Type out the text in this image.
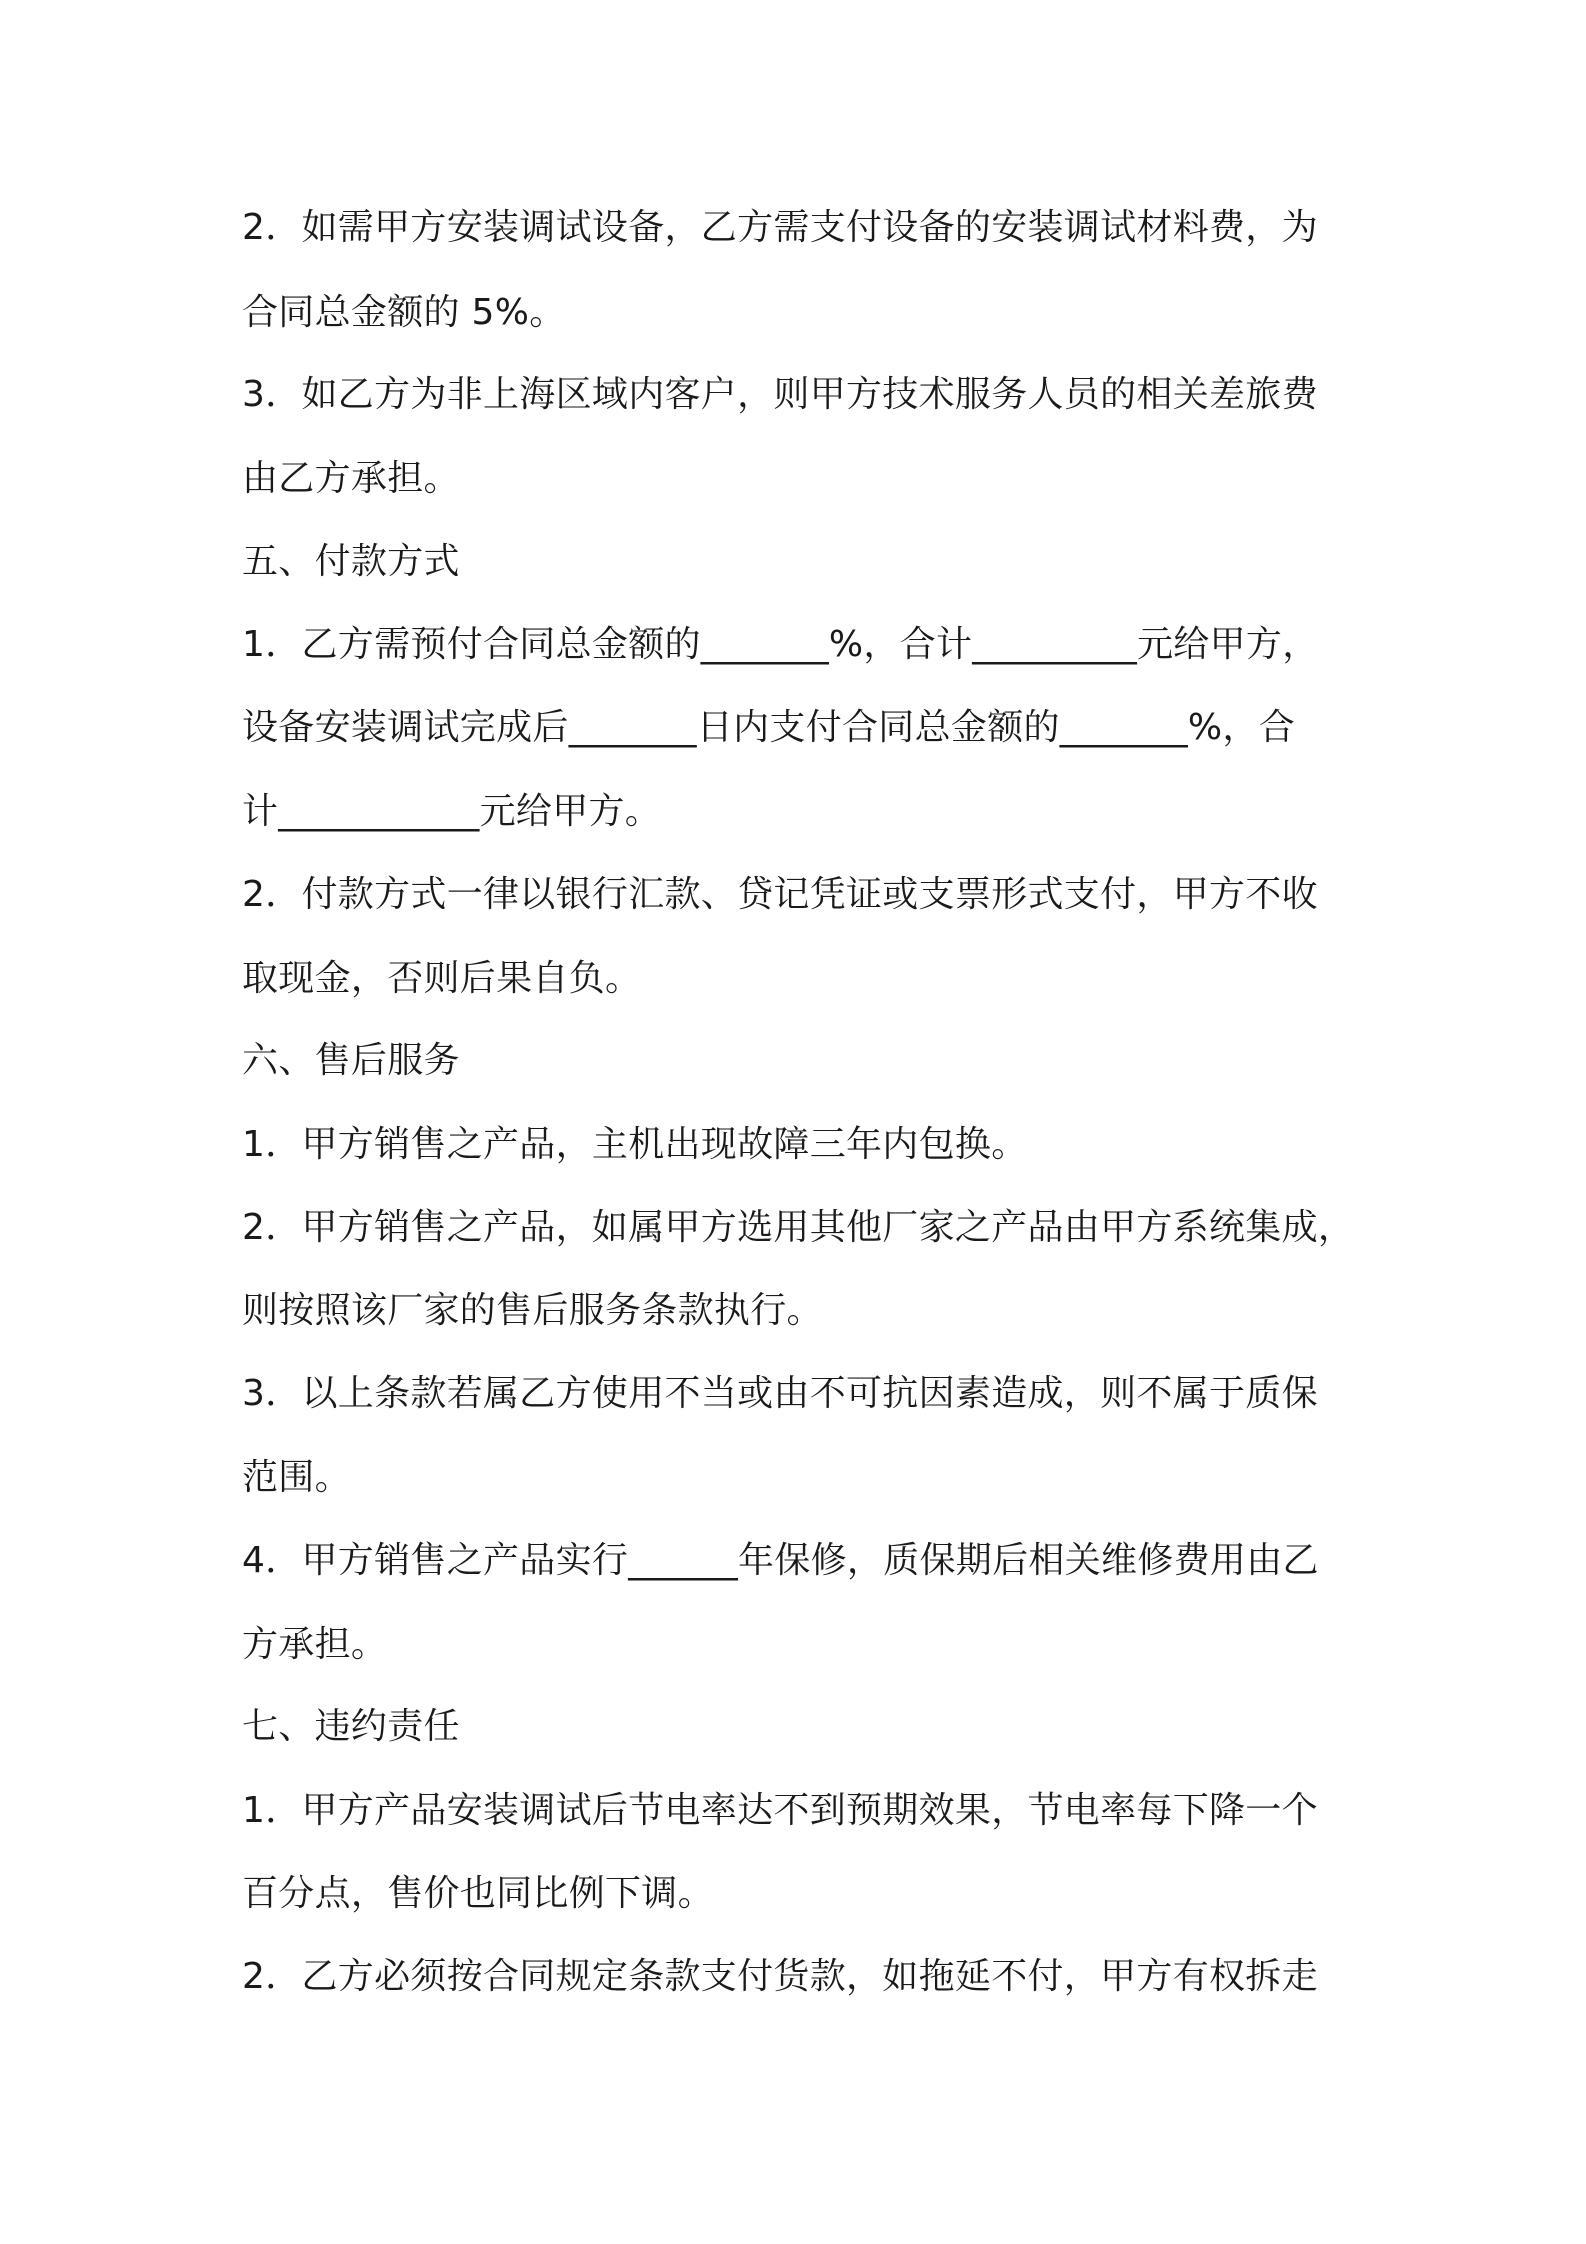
2．如需甲方安装调试设备，乙方需支付设备的安装调试材料费，为

合同总金额的 5%。

3．如乙方为非上海区域内客户，则甲方技术服务人员的相关差旅费

由乙方承担。

五、付款方式

1．乙方需预付合同总金额的_______%，合计_________元给甲方，

设备安装调试完成后_______日内支付合同总金额的_______%，合

计___________元给甲方。

2．付款方式一律以银行汇款、贷记凭证或支票形式支付，甲方不收

取现金，否则后果自负。

六、售后服务

1．甲方销售之产品，主机出现故障三年内包换。

2．甲方销售之产品，如属甲方选用其他厂家之产品由甲方系统集成，

则按照该厂家的售后服务条款执行。

3．以上条款若属乙方使用不当或由不可抗因素造成，则不属于质保

范围。

4．甲方销售之产品实行______年保修，质保期后相关维修费用由乙

方承担。

七、违约责任

1．甲方产品安装调试后节电率达不到预期效果，节电率每下降一个

百分点，售价也同比例下调。

2．乙方必须按合同规定条款支付货款，如拖延不付，甲方有权拆走
